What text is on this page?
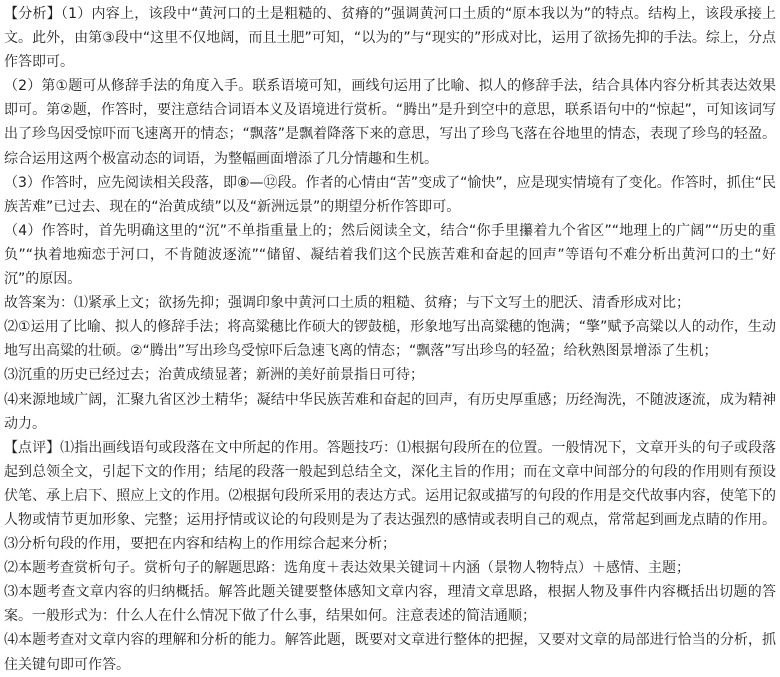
【分析】（1）内容上，该段中“黄河口的土是粗糙的、贫瘠的”强调黄河口土质的“原本我以为”的特点。结构上，该段承接上文。此外，由第③段中“这里不仅地阔，而且土肥”可知，“以为的”与“现实的”形成对比，运用了欲扬先抑的手法。综上，分点作答即可。

（2）第①题可从修辞手法的角度入手。联系语境可知，画线句运用了比喻、拟人的修辞手法，结合具体内容分析其表达效果即可。第②题，作答时，要注意结合词语本义及语境进行赏析。“腾出”是升到空中的意思，联系语句中的“惊起”，可知该词写出了珍鸟因受惊吓而飞速离开的情态；“飘落”是飘着降落下来的意思，写出了珍鸟飞落在谷地里的情态，表现了珍鸟的轻盈。综合运用这两个极富动态的词语，为整幅画面增添了几分情趣和生机。

（3）作答时，应先阅读相关段落，即⑧—⑫段。作者的心情由“苦”变成了“愉快”，应是现实情境有了变化。作答时，抓住“民族苦难”已过去、现在的“治黄成绩”以及“新洲远景”的期望分析作答即可。

（4）作答时，首先明确这里的“沉”不单指重量上的；然后阅读全文，结合“你手里攥着九个省区”“地理上的广阔”“历史的重负”“执着地痴恋于河口，不肯随波逐流”“储留、凝结着我们这个民族苦难和奋起的回声”等语句不难分析出黄河口的土“好沉”的原因。

故答案为：⑴紧承上文；欲扬先抑；强调印象中黄河口土质的粗糙、贫瘠；与下文写土的肥沃、清香形成对比；

⑵①运用了比喻、拟人的修辞手法；将高粱穗比作硕大的锣鼓槌，形象地写出高粱穗的饱满；“擎”赋予高粱以人的动作，生动地写出高粱的壮硕。②“腾出”写出珍鸟受惊吓后急速飞离的情态；“飘落”写出珍鸟的轻盈；给秋熟图景增添了生机；

⑶沉重的历史已经过去；治黄成绩显著；新洲的美好前景指日可待；

⑷来源地域广阔，汇聚九省区沙土精华；凝结中华民族苦难和奋起的回声，有历史厚重感；历经淘洗，不随波逐流，成为精神动力。

【点评】⑴指出画线语句或段落在文中所起的作用。答题技巧：⑴根据句段所在的位置。一般情况下，文章开头的句子或段落起到总领全文，引起下文的作用；结尾的段落一般起到总结全文，深化主旨的作用；而在文章中间部分的句段的作用则有预设伏笔、承上启下、照应上文的作用。⑵根据句段所采用的表达方式。运用记叙或描写的句段的作用是交代故事内容，使笔下的人物或情节更加形象、完整；运用抒情或议论的句段则是为了表达强烈的感情或表明自己的观点，常常起到画龙点睛的作用。⑶分析句段的作用，要把在内容和结构上的作用综合起来分析；

⑵本题考查赏析句子。赏析句子的解题思路：选角度＋表达效果关键词＋内涵（景物人物特点）＋感情、主题；

⑶本题考查文章内容的归纳概括。解答此题关键要整体感知文章内容，理清文章思路，根据人物及事件内容概括出切题的答案。一般形式为：什么人在什么情况下做了什么事，结果如何。注意表述的简洁通顺；

⑷本题考查对文章内容的理解和分析的能力。解答此题，既要对文章进行整体的把握，又要对文章的局部进行恰当的分析，抓住关键句即可作答。
